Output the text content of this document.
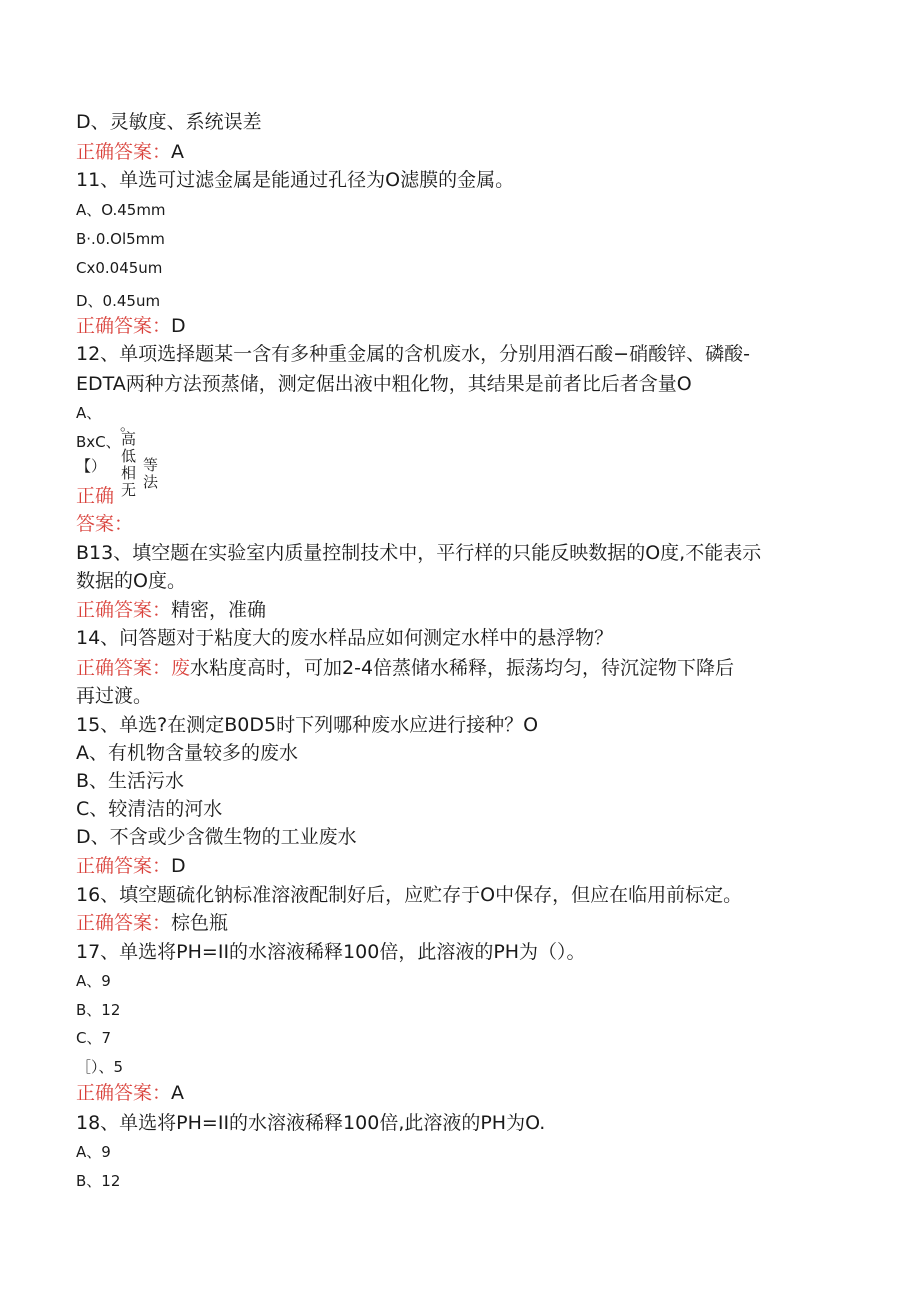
D、灵敏度、系统误差
正确答案：A
11、单选可过滤金属是能通过孔径为O滤膜的金属。
A、O.45mm
B·.0.Ol5mm
Cx0.045um
D、0.45um
正确答案：D
12、单项选择题某一含有多种重金属的含机废水，分别用酒石酸−硝酸锌、磷酸-
EDTA两种方法预蒸储，测定倨出液中粗化物，其结果是前者比后者含量O
A、
。
BxC、
【）
高
低
相
无
等
法
正确
答案：
B13、填空题在实验室内质量控制技术中，平行样的只能反映数据的O度,不能表示
数据的O度。
正确答案：精密，准确
14、问答题对于粘度大的废水样品应如何测定水样中的悬浮物？
正确答案：废水粘度高时，可加2-4倍蒸储水稀释，振荡均匀，待沉淀物下降后
再过渡。
15、单选?在测定B0D5时下列哪种废水应进行接种？O
A、有机物含量较多的废水
B、生活污水
C、较清洁的河水
D、不含或少含微生物的工业废水
正确答案：D
16、填空题硫化钠标准溶液配制好后，应贮存于O中保存，但应在临用前标定。
正确答案：棕色瓶
17、单选将PH=II的水溶液稀释100倍，此溶液的PH为（）。
A、9
B、12
C、7
［）、5
正确答案：A
18、单选将PH=II的水溶液稀释100倍,此溶液的PH为O.
A、9
B、12
